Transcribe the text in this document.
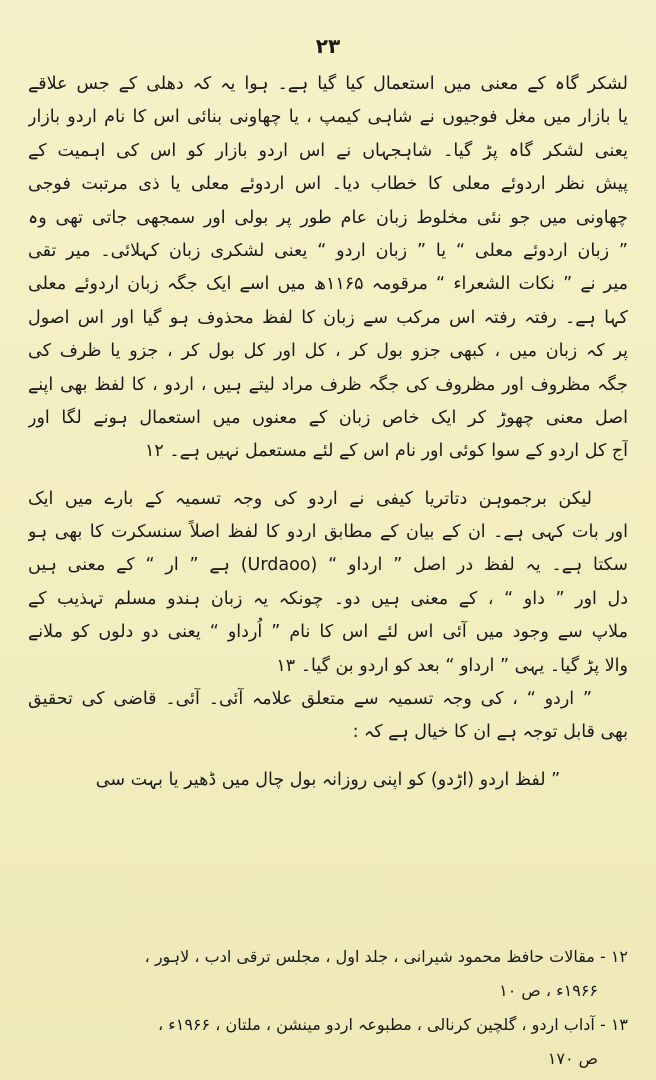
۲۳
لشکر گاہ کے معنی میں استعمال کیا گیا ہے۔ ہوا یہ کہ دھلی کے جس علاقے
یا بازار میں مغل فوجیوں نے شاہی کیمپ ، یا چھاونی بنائی اس کا نام اردو بازار
یعنی لشکر گاہ پڑ گیا۔ شاہجہاں نے اس اردو بازار کو اس کی اہمیت کے
پیش نظر اردوئے معلی کا خطاب دیا۔ اس اردوئے معلی یا ذی مرتبت فوجی
چھاونی میں جو نئی مخلوط زبان عام طور پر بولی اور سمجھی جاتی تھی وہ
” زبان اردوئے معلی “ یا ” زبان اردو “ یعنی لشکری زبان کہلائی۔ میر تقی
میر نے ” نکات الشعراء “ مرقومہ ۱۱۶۵ھ میں اسے ایک جگہ زبان اردوئے معلی
کہا ہے۔ رفتہ رفتہ اس مرکب سے زبان کا لفظ محذوف ہو گیا اور اس اصول
پر کہ زبان میں ، کبھی جزو بول کر ، کل اور کل بول کر ، جزو یا ظرف کی
جگہ مظروف اور مظروف کی جگہ ظرف مراد لیتے ہیں ، اردو ، کا لفظ بھی اپنے
اصل معنی چھوڑ کر ایک خاص زبان کے معنوں میں استعمال ہونے لگا اور
آج کل اردو کے سوا کوئی اور نام اس کے لئے مستعمل نہیں ہے۔ ۱۲
لیکن برجموہن دتاتریا کیفی نے اردو کی وجہ تسمیہ کے بارے میں ایک
اور بات کہی ہے۔ ان کے بیان کے مطابق اردو کا لفظ اصلاً سنسکرت کا بھی ہو
سکتا ہے۔ یہ لفظ در اصل ” ارداو “ (Urdaoo) ہے ” ار “ کے معنی ہیں
دل اور ” داو “ ، کے معنی ہیں دو۔ چونکہ یہ زبان ہندو مسلم تہذیب کے
ملاپ سے وجود میں آئی اس لئے اس کا نام ” اُرداو “ یعنی دو دلوں کو ملانے
والا پڑ گیا۔ یہی ” ارداو “ بعد کو اردو بن گیا۔ ۱۳
” اردو “ ، کی وجہ تسمیہ سے متعلق علامہ آئی۔ آئی۔ قاضی کی تحقیق
بھی قابل توجہ ہے ان کا خیال ہے کہ :
” لفظ اردو (اڑدو) کو اپنی روزانہ بول چال میں ڈھیر یا بہت سی
۱۲ - مقالات حافظ محمود شیرانی ، جلد اول ، مجلس ترقی ادب ، لاہور ،
۱۹۶۶ء ، ص ۱۰
۱۳ - آداب اردو ، گلچین کرنالی ، مطبوعہ اردو مینشن ، ملتان ، ۱۹۶۶ء ،
ص ۱۷۰
